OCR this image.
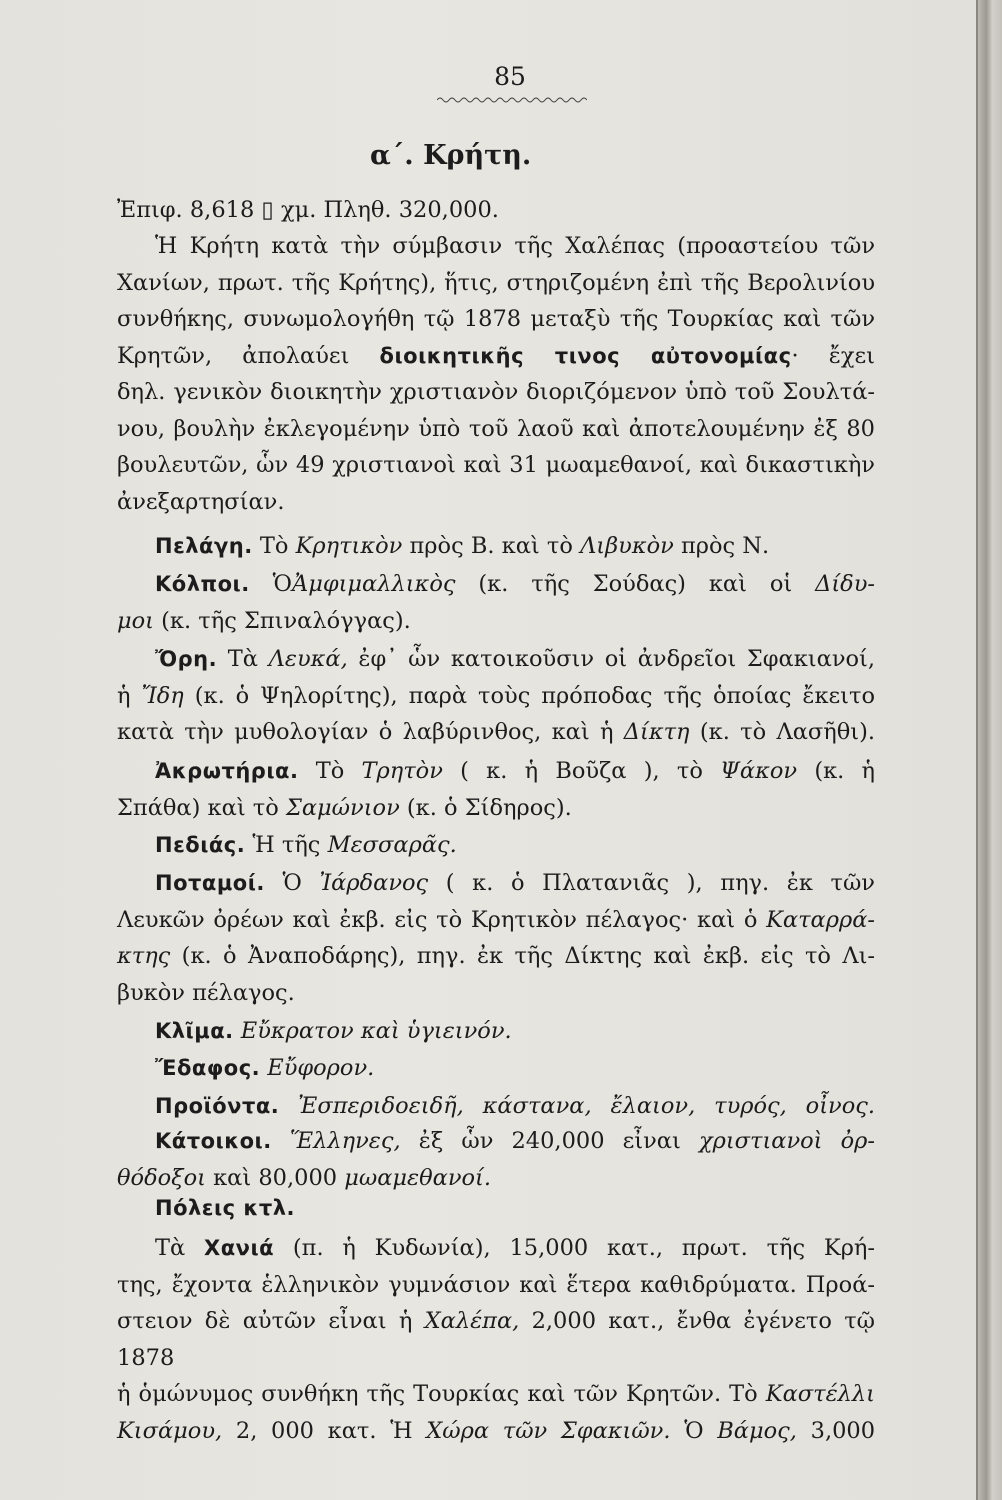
85
α΄. Κρήτη.
Ἐπιφ. 8,618 ▯ χμ. Πληθ. 320,000.
Ἡ Κρήτη κατὰ τὴν σύμβασιν τῆς Χαλέπας (προαστείου τῶν
Χανίων, πρωτ. τῆς Κρήτης), ἥτις, στηριζομένη ἐπὶ τῆς Βερολινίου
συνθήκης, συνωμολογήθη τῷ 1878 μεταξὺ τῆς Τουρκίας καὶ τῶν
Κρητῶν, ἀπολαύει διοικητικῆς τινος αὐτονομίας· ἔχει
δηλ. γενικὸν διοικητὴν χριστιανὸν διοριζόμενον ὑπὸ τοῦ Σουλτά-
νου, βουλὴν ἐκλεγομένην ὑπὸ τοῦ λαοῦ καὶ ἀποτελουμένην ἐξ 80
βουλευτῶν, ὧν 49 χριστιανοὶ καὶ 31 μωαμεθανοί, καὶ δικαστικὴν
ἀνεξαρτησίαν.
Πελάγη. Τὸ Κρητικὸν πρὸς Β. καὶ τὸ Λιβυκὸν πρὸς Ν.
Κόλποι. ὉἈμφιμαλλικὸς (κ. τῆς Σούδας) καὶ οἱ Δίδυ-
μοι (κ. τῆς Σπιναλόγγας).
Ὄρη. Τὰ Λευκά, ἐφ᾽ ὧν κατοικοῦσιν οἱ ἀνδρεῖοι Σφακιανοί,
ἡ Ἴδη (κ. ὁ Ψηλορίτης), παρὰ τοὺς πρόποδας τῆς ὁποίας ἔκειτο
κατὰ τὴν μυθολογίαν ὁ λαβύρινθος, καὶ ἡ Δίκτη (κ. τὸ Λασῆθι).
Ἀκρωτήρια. Τὸ Τρητὸν ( κ. ἡ Βοῦζα ), τὸ Ψάκον (κ. ἡ
Σπάθα) καὶ τὸ Σαμώνιον (κ. ὁ Σίδηρος).
Πεδιάς. Ἡ τῆς Μεσσαρᾶς.
Ποταμοί. Ὁ Ἰάρδανος ( κ. ὁ Πλατανιᾶς ), πηγ. ἐκ τῶν
Λευκῶν ὀρέων καὶ ἐκβ. εἰς τὸ Κρητικὸν πέλαγος· καὶ ὁ Καταρρά-
κτης (κ. ὁ Ἀναποδάρης), πηγ. ἐκ τῆς Δίκτης καὶ ἐκβ. εἰς τὸ Λι-
βυκὸν πέλαγος.
Κλῖμα. Εὔκρατον καὶ ὑγιεινόν.
Ἔδαφος. Εὔφορον.
Προϊόντα. Ἐσπεριδοειδῆ, κάστανα, ἔλαιον, τυρός, οἶνος.
Κάτοικοι. Ἕλληνες, ἐξ ὧν 240,000 εἶναι χριστιανοὶ ὀρ-
θόδοξοι καὶ 80,000 μωαμεθανοί.
Πόλεις κτλ.
Τὰ Χανιά (π. ἡ Κυδωνία), 15,000 κατ., πρωτ. τῆς Κρή-
της, ἔχοντα ἑλληνικὸν γυμνάσιον καὶ ἕτερα καθιδρύματα. Προά-
στειον δὲ αὐτῶν εἶναι ἡ Χαλέπα, 2,000 κατ., ἔνθα ἐγένετο τῷ 1878
ἡ ὁμώνυμος συνθήκη τῆς Τουρκίας καὶ τῶν Κρητῶν. Τὸ Καστέλλι
Κισάμου, 2, 000 κατ. Ἡ Χώρα τῶν Σφακιῶν. Ὁ Βάμος, 3,000
